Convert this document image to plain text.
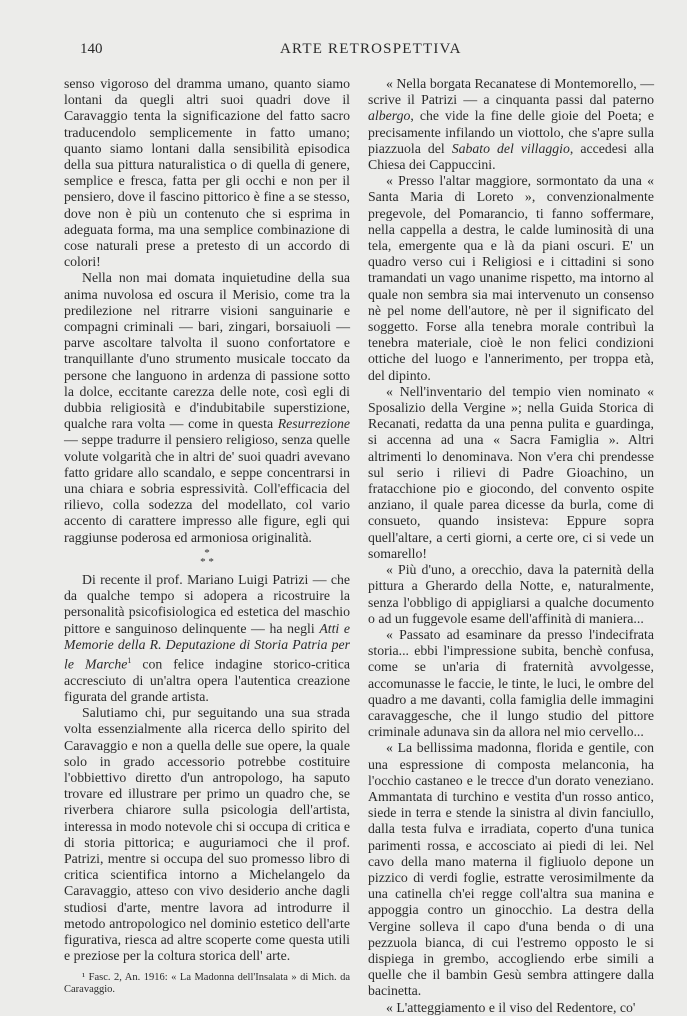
140	ARTE RETROSPETTIVA

senso vigoroso del dramma umano, quanto siamo lontani da quegli altri suoi quadri dove il Caravaggio tenta la significazione del fatto sacro traducendolo semplicemente in fatto umano; quanto siamo lontani dalla sensibilità episodica della sua pittura naturalistica o di quella di genere, semplice e fresca, fatta per gli occhi e non per il pensiero, dove il fascino pittorico è fine a se stesso, dove non è più un contenuto che si esprima in adeguata forma, ma una semplice combinazione di cose naturali prese a pretesto di un accordo di colori!

Nella non mai domata inquietudine della sua anima nuvolosa ed oscura il Merisio, come tra la predilezione nel ritrarre visioni sanguinarie e compagni criminali — bari, zingari, borsaiuoli — parve ascoltare talvolta il suono confortatore e tranquillante d'uno strumento musicale toccato da persone che languono in ardenza di passione sotto la dolce, eccitante carezza delle note, così egli di dubbia religiosità e d'indubitabile superstizione, qualche rara volta — come in questa Resurrezione — seppe tradurre il pensiero religioso, senza quelle volute volgarità che in altri de' suoi quadri avevano fatto gridare allo scandalo, e seppe concentrarsi in una chiara e sobria espressività. Coll'efficacia del rilievo, colla sodezza del modellato, col vario accento di carattere impresso alle figure, egli qui raggiunse poderosa ed armoniosa originalità.

*
* *

Di recente il prof. Mariano Luigi Patrizi — che da qualche tempo si adopera a ricostruire la personalità psicofisiologica ed estetica del maschio pittore e sanguinoso delinquente — ha negli Atti e Memorie della R. Deputazione di Storia Patria per le Marche$^1$ con felice indagine storico-critica accresciuto di un'altra opera l'autentica creazione figurata del grande artista.

Salutiamo chi, pur seguitando una sua strada volta essenzialmente alla ricerca dello spirito del Caravaggio e non a quella delle sue opere, la quale solo in grado accessorio potrebbe costituire l'obbiettivo diretto d'un antropologo, ha saputo trovare ed illustrare per primo un quadro che, se riverbera chiarore sulla psicologia dell'artista, interessa in modo notevole chi si occupa di critica e di storia pittorica; e auguriamoci che il prof. Patrizi, mentre si occupa del suo promesso libro di critica scientifica intorno a Michelangelo da Caravaggio, atteso con vivo desiderio anche dagli studiosi d'arte, mentre lavora ad introdurre il metodo antropologico nel dominio estetico dell'arte figurativa, riesca ad altre scoperte come questa utili e preziose per la coltura storica dell' arte.

¹ Fasc. 2, An. 1916: « La Madonna dell'Insalata » di Mich. da Caravaggio.

« Nella borgata Recanatese di Montemorello, — scrive il Patrizi — a cinquanta passi dal paterno albergo, che vide la fine delle gioie del Poeta; e precisamente infilando un viottolo, che s'apre sulla piazzuola del Sabato del villaggio, accedesi alla Chiesa dei Cappuccini.

« Presso l'altar maggiore, sormontato da una « Santa Maria di Loreto », convenzionalmente pregevole, del Pomarancio, ti fanno soffermare, nella cappella a destra, le calde luminosità di una tela, emergente qua e là da piani oscuri. E' un quadro verso cui i Religiosi e i cittadini si sono tramandati un vago unanime rispetto, ma intorno al quale non sembra sia mai intervenuto un consenso nè pel nome dell'autore, nè per il significato del soggetto. Forse alla tenebra morale contribuì la tenebra materiale, cioè le non felici condizioni ottiche del luogo e l'annerimento, per troppa età, del dipinto.

« Nell'inventario del tempio vien nominato « Sposalizio della Vergine »; nella Guida Storica di Recanati, redatta da una penna pulita e guardinga, si accenna ad una « Sacra Famiglia ». Altri altrimenti lo denominava. Non v'era chi prendesse sul serio i rilievi di Padre Gioachino, un fratacchione pio e giocondo, del convento ospite anziano, il quale parea dicesse da burla, come di consueto, quando insisteva: Eppure sopra quell'altare, a certi giorni, a certe ore, ci si vede un somarello!

« Più d'uno, a orecchio, dava la paternità della pittura a Gherardo della Notte, e, naturalmente, senza l'obbligo di appigliarsi a qualche documento o ad un fuggevole esame dell'affinità di maniera...

« Passato ad esaminare da presso l'indecifrata storia... ebbi l'impressione subita, benchè confusa, come se un'aria di fraternità avvolgesse, accomunasse le faccie, le tinte, le luci, le ombre del quadro a me davanti, colla famiglia delle immagini caravaggesche, che il lungo studio del pittore criminale adunava sin da allora nel mio cervello...

« La bellissima madonna, florida e gentile, con una espressione di composta melanconia, ha l'occhio castaneo e le trecce d'un dorato veneziano. Ammantata di turchino e vestita d'un rosso antico, siede in terra e stende la sinistra al divin fanciullo, dalla testa fulva e irradiata, coperto d'una tunica parimenti rossa, e accosciato ai piedi di lei. Nel cavo della mano materna il figliuolo depone un pizzico di verdi foglie, estratte verosimilmente da una catinella ch'ei regge coll'altra sua manina e appoggia contro un ginocchio. La destra della Vergine solleva il capo d'una benda o di una pezzuola bianca, di cui l'estremo opposto le si dispiega in grembo, accogliendo erbe simili a quelle che il bambin Gesù sembra attingere dalla bacinetta.

« L'atteggiamento e il viso del Redentore, co'
